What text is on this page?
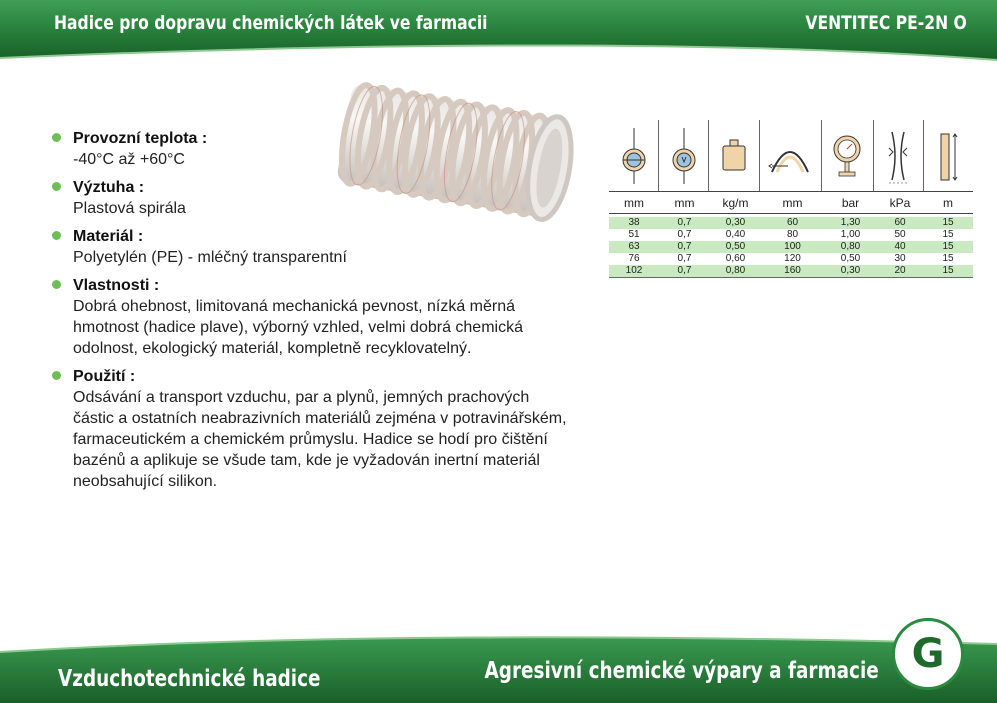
Hadice pro dopravu chemických látek ve farmacii	VENTITEC PE-2N O
Provozní teplota :
-40°C až +60°C
Výztuha :
Plastová spirála
Materiál :
Polyetylén (PE) - mléčný transparentní
Vlastnosti :
Dobrá ohebnost, limitovaná mechanická pevnost, nízká měrná hmotnost (hadice plave), výborný vzhled, velmi dobrá chemická odolnost, ekologický materiál, kompletně recyklovatelný.
Použití :
Odsávání a transport vzduchu, par a plynů, jemných prachových částic a ostatních neabrazivních materiálů zejména v potravinářském, farmaceutickém a chemickém průmyslu. Hadice se hodí pro čištění bazénů a aplikuje se všude tam, kde je vyžadován inertní materiál neobsahující silikon.
mm	mm	kg/m	mm	bar	kPa	m
38	0,7	0,30	60	1,30	60	15
51	0,7	0,40	80	1,00	50	15
63	0,7	0,50	100	0,80	40	15
76	0,7	0,60	120	0,50	30	15
102	0,7	0,80	160	0,30	20	15
Vzduchotechnické hadice	Agresivní chemické výpary a farmacie G
